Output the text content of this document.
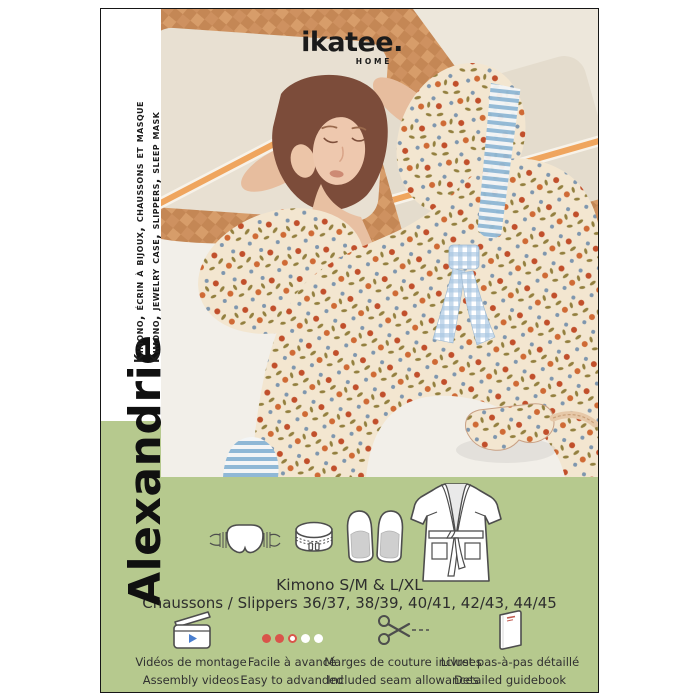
ikatee.
HOME
Alexandrie
Kimono, écrin à bijoux, chaussons et masque Kimono, jewelry case, slippers, sleep mask
Kimono S/M & L/XL
Chaussons / Slippers 36/37, 38/39, 40/41, 42/43, 44/45
Vidéos de montage
Assembly videos
Facile à avancé
Easy to advanded
Marges de couture incluses
Included seam allowances
Livret pas-à-pas détaillé
Detailed guidebook
